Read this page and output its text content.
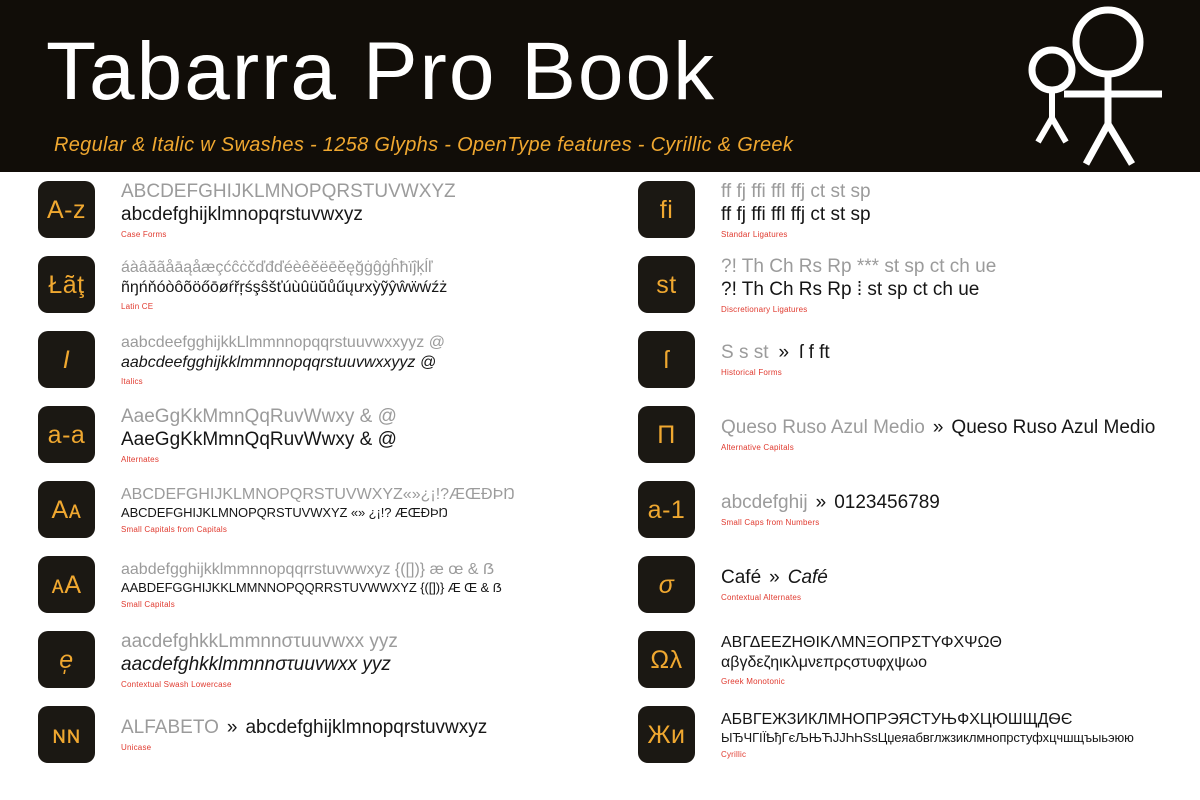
Tabarra Pro Book
Regular & Italic w Swashes - 1258 Glyphs - OpenType features - Cyrillic & Greek
A-z
ABCDEFGHIJKLMNOPQRSTUVWXYZ
abcdefghijklmnopqrstuvwxyz
Case Forms
Łãţ
áàâăãåāąåæçćĉċčďđďéèêěëēĕęğġĝģĥħïĵķĺľ
ñŋńňóòôõöőōøŕřŗśşŝšťúùûüŭůűųưхỳỹŷŵẅẃźż
Latin CE
I
aabcdeefgghijkkLlmmnnopqqrstuuvwxxyyz @
aabcdeefgghijkklmmnnopqqrstuuvwxxyyz @
Italics
a-a
AaeGgKkMmnQqRuvWwxy & @
AaeGgKkMmnQqRuvWwxy & @
Alternates
Aᴀ
ABCDEFGHIJKLMNOPQRSTUVWXYZ«»¿¡!?ÆŒÐÞŊ
ABCDEFGHIJKLMNOPQRSTUVWXYZ «» ¿¡!? ÆŒÐÞŊ
Small Capitals from Capitals
ᴀA
aabdefgghijkklmmnnopqqrrstuvwwxyz {([])} æ œ & ẞ
AABDEFGGHIJKKLMMNNOPQQRRSTUVWWXYZ {([])} Æ Œ & ẞ
Small Capitals
e̩
aacdefghkkLmmnnστuuvwxx yyz
aacdefghkklmmnnστuuvwxx yyz
Contextual Swash Lowercase
ɴɴ	ALFABETO » abcdefghijklmnopqrstuvwxyz
Unicase
fi
ff fj ffi ffl ffj ct st sp
ff fj ffi ffl ffj ct st sp
Standar Ligatures
st
?! Th Ch Rs Rp *** st sp ct ch ue
?! Th Ch Rs Rp ⁞ st sp ct ch ue
Discretionary Ligatures
ſ	S s st » ſ f ft
Historical Forms
Π	Queso Ruso Azul Medio » Queso Ruso Azul Medio
Alternative Capitals
a-1	abcdefghij » 0123456789
Small Caps from Numbers
σ	Café » Café
Contextual Alternates
Ωλ
ΑΒΓΔΕΕΖΗΘΙΚΛΜΝΞΟΠΡΣΤΥΦΧΨΩΘ
αβγδεζηικλμνεπρςστυφχψωο
Greek Monotonic
Жи
АБВГЕЖЗИКЛМНОПРЭЯСТУЊФХЦЮШЩДѲЄ
ЫЂЧГІЇҌђГєЉЊЋЈЈҺҺSsЦџеяабвглжзиклмнопрстуфхцчшщъыьэюю
Cyrillic
